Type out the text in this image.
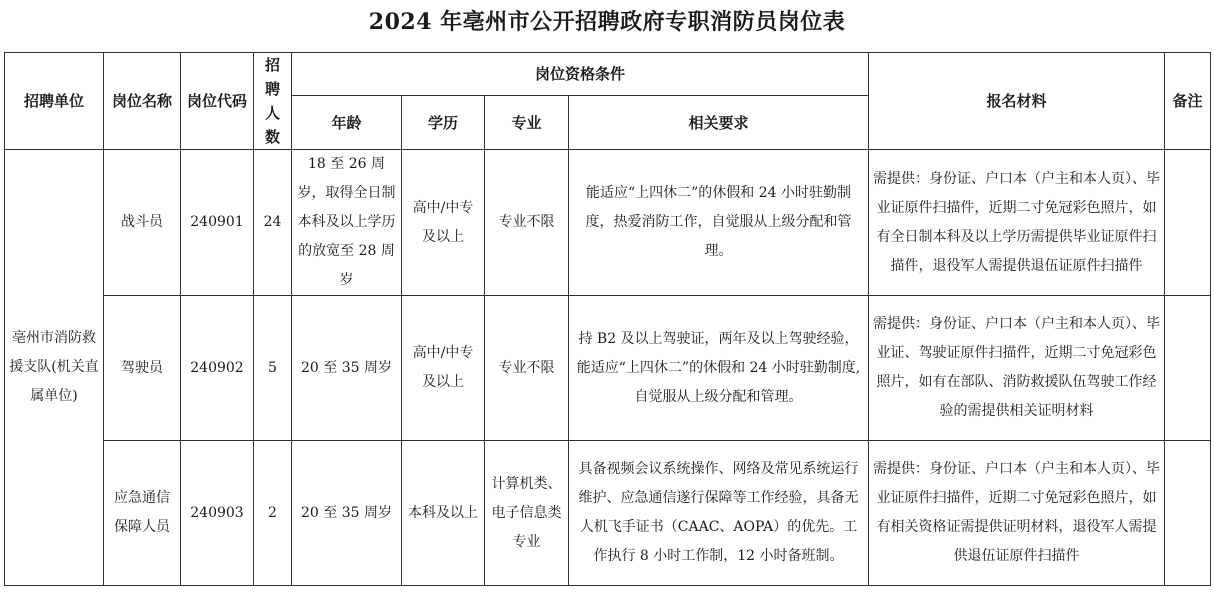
2024 年亳州市公开招聘政府专职消防员岗位表
招聘单位	岗位名称	岗位代码	招聘人数	岗位资格条件				报名材料	备注
				年龄	学历	专业	相关要求		
亳州市消防救援支队(机关直属单位)	战斗员	240901	24	18 至 26 周岁，取得全日制本科及以上学历的放宽至 28 周岁	高中/中专及以上	专业不限	能适应“上四休二”的休假和 24 小时驻勤制度，热爱消防工作，自觉服从上级分配和管理。	需提供：身份证、户口本（户主和本人页）、毕业证原件扫描件，近期二寸免冠彩色照片，如有全日制本科及以上学历需提供毕业证原件扫描件，退役军人需提供退伍证原件扫描件	
	驾驶员	240902	5	20 至 35 周岁	高中/中专及以上	专业不限	持 B2 及以上驾驶证，两年及以上驾驶经验，能适应“上四休二”的休假和 24 小时驻勤制度,自觉服从上级分配和管理。	需提供：身份证、户口本（户主和本人页）、毕业证、驾驶证原件扫描件，近期二寸免冠彩色照片，如有在部队、消防救援队伍驾驶工作经验的需提供相关证明材料	
	应急通信保障人员	240903	2	20 至 35 周岁	本科及以上	计算机类、电子信息类专业	具备视频会议系统操作、网络及常见系统运行维护、应急通信遂行保障等工作经验，具备无人机飞手证书（CAAC、AOPA）的优先。工作执行 8 小时工作制，12 小时备班制。	需提供：身份证、户口本（户主和本人页）、毕业证原件扫描件，近期二寸免冠彩色照片，如有相关资格证需提供证明材料，退役军人需提供退伍证原件扫描件	
